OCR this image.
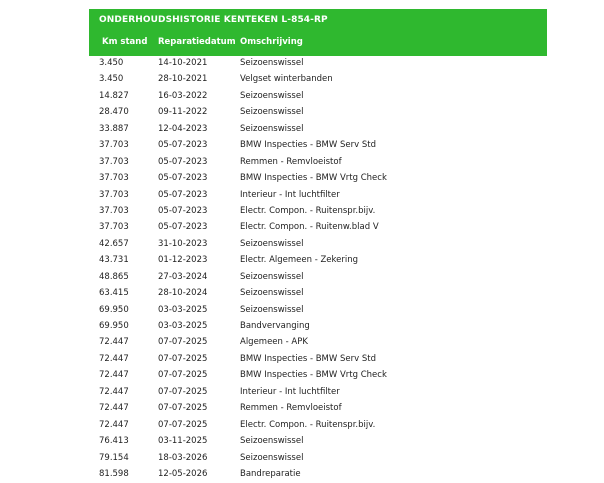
ONDERHOUDSHISTORIE KENTEKEN L-854-RP
Km stand Reparatiedatum Omschrijving
3.450	14-10-2021	Seizoenswissel
3.450	28-10-2021	Velgset winterbanden
14.827	16-03-2022	Seizoenswissel
28.470	09-11-2022	Seizoenswissel
33.887	12-04-2023	Seizoenswissel
37.703	05-07-2023	BMW Inspecties - BMW Serv Std
37.703	05-07-2023	Remmen - Remvloeistof
37.703	05-07-2023	BMW Inspecties - BMW Vrtg Check
37.703	05-07-2023	Interieur - Int luchtfilter
37.703	05-07-2023	Electr. Compon. - Ruitenspr.bijv.
37.703	05-07-2023	Electr. Compon. - Ruitenw.blad V
42.657	31-10-2023	Seizoenswissel
43.731	01-12-2023	Electr. Algemeen - Zekering
48.865	27-03-2024	Seizoenswissel
63.415	28-10-2024	Seizoenswissel
69.950	03-03-2025	Seizoenswissel
69.950	03-03-2025	Bandvervanging
72.447	07-07-2025	Algemeen - APK
72.447	07-07-2025	BMW Inspecties - BMW Serv Std
72.447	07-07-2025	BMW Inspecties - BMW Vrtg Check
72.447	07-07-2025	Interieur - Int luchtfilter
72.447	07-07-2025	Remmen - Remvloeistof
72.447	07-07-2025	Electr. Compon. - Ruitenspr.bijv.
76.413	03-11-2025	Seizoenswissel
79.154	18-03-2026	Seizoenswissel
81.598	12-05-2026	Bandreparatie
